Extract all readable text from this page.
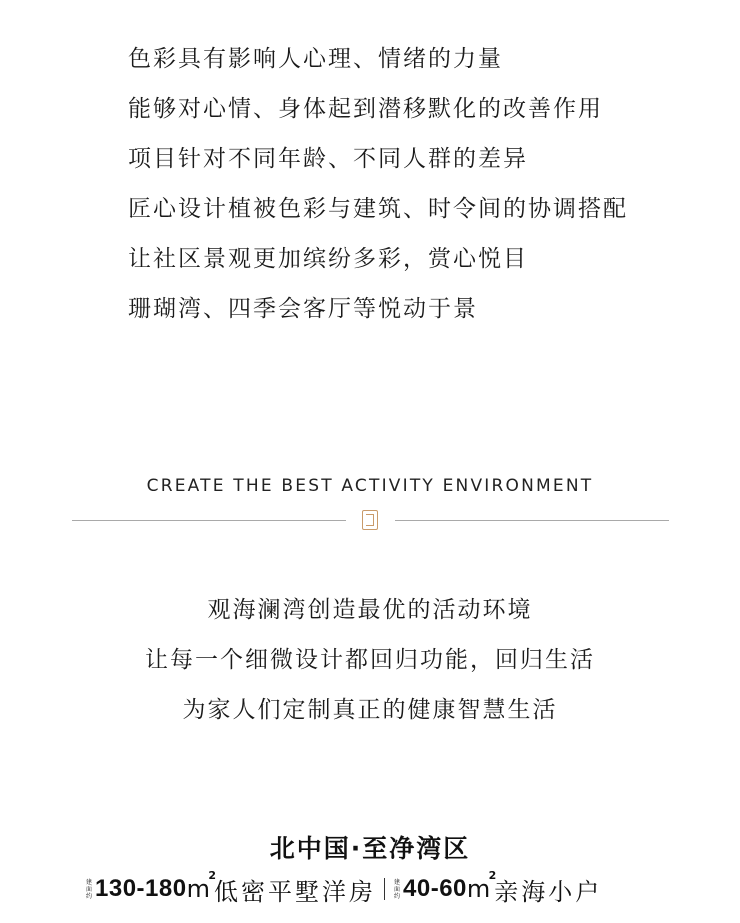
色彩具有影响人心理、情绪的力量
能够对心情、身体起到潜移默化的改善作用
项目针对不同年龄、不同人群的差异
匠心设计植被色彩与建筑、时令间的协调搭配
让社区景观更加缤纷多彩，赏心悦目
珊瑚湾、四季会客厅等悦动于景
CREATE THE BEST ACTIVITY ENVIRONMENT
观海澜湾创造最优的活动环境
让每一个细微设计都回归功能，回归生活
为家人们定制真正的健康智慧生活
北中国·至净湾区
建
面
约 130-180 m
2
低密平墅洋房	建
面
约 40-60 m
2
亲海小户
